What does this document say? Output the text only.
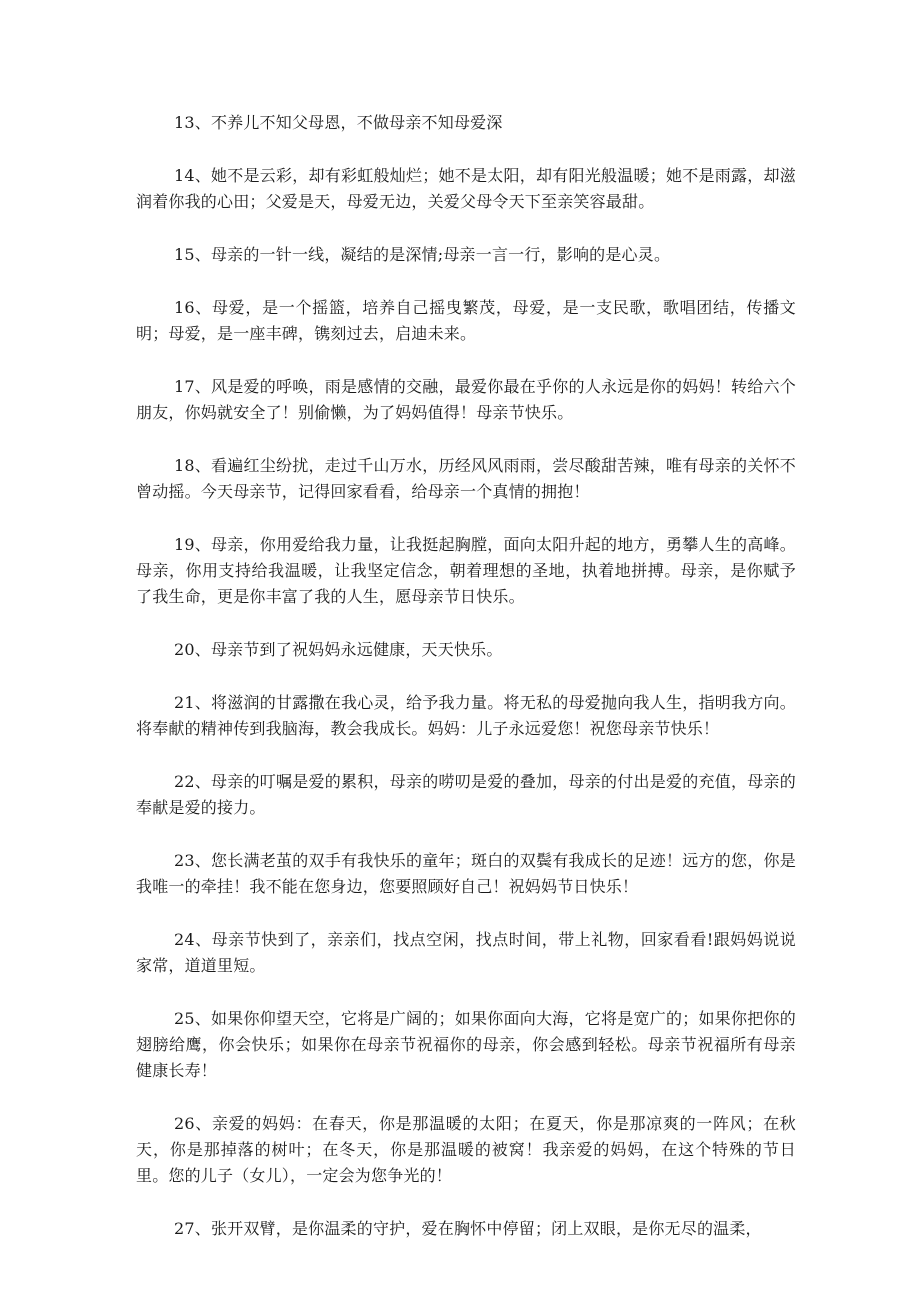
13、不养儿不知父母恩，不做母亲不知母爱深

14、她不是云彩，却有彩虹般灿烂；她不是太阳，却有阳光般温暖；她不是雨露，却滋润着你我的心田；父爱是天，母爱无边，关爱父母令天下至亲笑容最甜。

15、母亲的一针一线，凝结的是深情;母亲一言一行，影响的是心灵。

16、母爱，是一个摇篮，培养自己摇曳繁茂，母爱，是一支民歌，歌唱团结，传播文明；母爱，是一座丰碑，镌刻过去，启迪未来。

17、风是爱的呼唤，雨是感情的交融，最爱你最在乎你的人永远是你的妈妈！转给六个朋友，你妈就安全了！别偷懒，为了妈妈值得！母亲节快乐。

18、看遍红尘纷扰，走过千山万水，历经风风雨雨，尝尽酸甜苦辣，唯有母亲的关怀不曾动摇。今天母亲节，记得回家看看，给母亲一个真情的拥抱！

19、母亲，你用爱给我力量，让我挺起胸膛，面向太阳升起的地方，勇攀人生的高峰。母亲，你用支持给我温暖，让我坚定信念，朝着理想的圣地，执着地拼搏。母亲，是你赋予了我生命，更是你丰富了我的人生，愿母亲节日快乐。

20、母亲节到了祝妈妈永远健康，天天快乐。

21、将滋润的甘露撒在我心灵，给予我力量。将无私的母爱抛向我人生，指明我方向。将奉献的精神传到我脑海，教会我成长。妈妈：儿子永远爱您！祝您母亲节快乐！

22、母亲的叮嘱是爱的累积，母亲的唠叨是爱的叠加，母亲的付出是爱的充值，母亲的奉献是爱的接力。

23、您长满老茧的双手有我快乐的童年；斑白的双鬓有我成长的足迹！远方的您，你是我唯一的牵挂！我不能在您身边，您要照顾好自己！祝妈妈节日快乐！

24、母亲节快到了，亲亲们，找点空闲，找点时间，带上礼物，回家看看!跟妈妈说说家常，道道里短。

25、如果你仰望天空，它将是广阔的；如果你面向大海，它将是宽广的；如果你把你的翅膀给鹰，你会快乐；如果你在母亲节祝福你的母亲，你会感到轻松。母亲节祝福所有母亲健康长寿！

26、亲爱的妈妈：在春天，你是那温暖的太阳；在夏天，你是那凉爽的一阵风；在秋天，你是那掉落的树叶；在冬天，你是那温暖的被窝！我亲爱的妈妈，在这个特殊的节日里。您的儿子（女儿），一定会为您争光的！

27、张开双臂，是你温柔的守护，爱在胸怀中停留；闭上双眼，是你无尽的温柔，
